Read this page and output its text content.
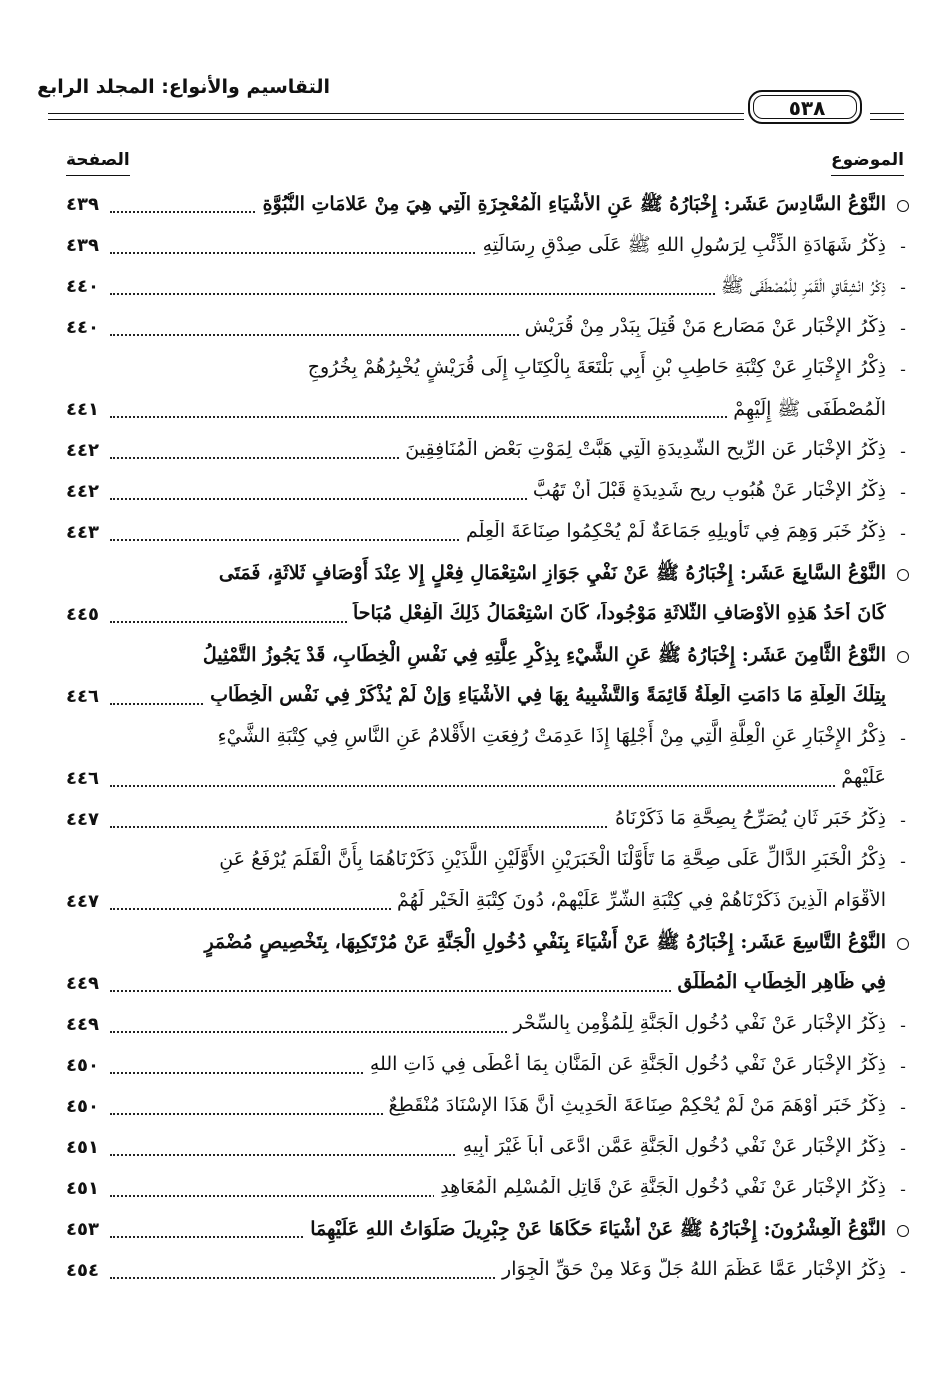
التقاسيم والأنواع: المجلد الرابع
٥٣٨
الموضوع
الصفحة
النَّوْعُ السَّادِسَ عَشَر: إِخْبَارُهُ ﷺ عَنِ الأَشْيَاءِ الْمُعْجِزَةِ الَّتِي هِيَ مِنْ عَلامَاتِ النُّبُوَّةِ
٤٣٩
-
ذِكْرُ شَهَادَةِ الذِّئْبِ لِرَسُولِ اللهِ ﷺ عَلَى صِدْقِ رِسَالَتِهِ
٤٣٩
-
ذِكْرُ انْشِقَاقِ الْقَمَرِ لِلْمُصْطَفَى ﷺ
٤٤٠
-
ذِكْرُ الإِخْبَارِ عَنْ مَصَارِعِ مَنْ قُتِلَ بِبَدْرٍ مِنْ قُرَيْشٍ
٤٤٠
-
ذِكْرُ الإِخْبَارِ عَنْ كِتْبَةِ حَاطِبِ بْنِ أَبِي بَلْتَعَةَ بِالْكِتَابِ إِلَى قُرَيْشٍ يُخْبِرُهُمْ بِخُرُوجِ
الْمُصْطَفَى ﷺ إِلَيْهِمْ
٤٤١
-
ذِكْرُ الإِخْبَارِ عَنِ الرِّيحِ الشَّدِيدَةِ الَّتِي هَبَّتْ لِمَوْتِ بَعْضِ الْمُنَافِقِينَ
٤٤٢
-
ذِكْرُ الإِخْبَارِ عَنْ هُبُوبِ رِيحٍ شَدِيدَةٍ قَبْلَ أَنْ تَهُبَّ
٤٤٢
-
ذِكْرُ خَبَرٍ وَهِمَ فِي تَأْوِيلِهِ جَمَاعَةٌ لَمْ يُحْكِمُوا صِنَاعَةَ الْعِلْمِ
٤٤٣
النَّوْعُ السَّابِعَ عَشَر: إِخْبَارُهُ ﷺ عَنْ نَفْيِ جَوَازِ اسْتِعْمَالِ فِعْلٍ إِلا عِنْدَ أَوْصَافٍ ثَلاثَةٍ، فَمَتَى
كَانَ أَحَدُ هَذِهِ الأَوْصَافِ الثَّلاثَةِ مَوْجُوداً، كَانَ اسْتِعْمَالُ ذَلِكَ الْفِعْلِ مُبَاحاً
٤٤٥
النَّوْعُ الثَّامِنَ عَشَر: إِخْبَارُهُ ﷺ عَنِ الشَّيْءِ بِذِكْرِ عِلَّتِهِ فِي نَفْسِ الْخِطَابِ، قَدْ يَجُوزُ التَّمْثِيلُ
بِتِلْكَ الْعِلَّةِ مَا دَامَتِ الْعِلَّةُ قَائِمَةً وَالتَّشْبِيهُ بِهَا فِي الأَشْيَاءِ وَإِنْ لَمْ يُذْكَرْ فِي نَفْسِ الْخِطَابِ
٤٤٦
-
ذِكْرُ الإِخْبَارِ عَنِ الْعِلَّةِ الَّتِي مِنْ أَجْلِهَا إِذَا عَدِمَتْ رُفِعَتِ الأَقْلامُ عَنِ النَّاسِ فِي كِتْبَةِ الشَّيْءِ
عَلَيْهِمْ
٤٤٦
-
ذِكْرُ خَبَرٍ ثَانٍ يُصَرِّحُ بِصِحَّةِ مَا ذَكَرْنَاهُ
٤٤٧
-
ذِكْرُ الْخَبَرِ الدَّالِّ عَلَى صِحَّةِ مَا تَأَوَّلْنَا الْخَبَرَيْنِ الأَوَّلَيْنِ اللَّذَيْنِ ذَكَرْنَاهُمَا بِأَنَّ الْقَلَمَ يُرْفَعُ عَنِ
الأَقْوَامِ الَّذِينَ ذَكَرْنَاهُمْ فِي كِتْبَةِ الشَّرِّ عَلَيْهِمْ، دُونَ كِتْبَةِ الْخَيْرِ لَهُمْ
٤٤٧
النَّوْعُ التَّاسِعَ عَشَر: إِخْبَارُهُ ﷺ عَنْ أَشْيَاءَ بِنَفْيِ دُخُولِ الْجَنَّةِ عَنْ مُرْتَكِبِهَا، بِتَخْصِيصٍ مُضْمَرٍ
فِي ظَاهِرِ الْخِطَابِ الْمُطْلَقِ
٤٤٩
-
ذِكْرُ الإِخْبَارِ عَنْ نَفْيِ دُخُولِ الْجَنَّةِ لِلْمُؤْمِنِ بِالسِّحْرِ
٤٤٩
-
ذِكْرُ الإِخْبَارِ عَنْ نَفْيِ دُخُولِ الْجَنَّةِ عَنِ الْمَنَّانِ بِمَا أَعْطَى فِي ذَاتِ اللهِ
٤٥٠
-
ذِكْرُ خَبَرٍ أَوْهَمَ مَنْ لَمْ يُحْكِمْ صِنَاعَةَ الْحَدِيثِ أَنَّ هَذَا الإِسْنَادَ مُنْقَطِعٌ
٤٥٠
-
ذِكْرُ الإِخْبَارِ عَنْ نَفْيِ دُخُولِ الْجَنَّةِ عَمَّنِ ادَّعَى أَباً غَيْرَ أَبِيهِ
٤٥١
-
ذِكْرُ الإِخْبَارِ عَنْ نَفْيِ دُخُولِ الْجَنَّةِ عَنْ قَاتِلِ الْمُسْلِمِ الْمُعَاهِدِ
٤٥١
النَّوْعُ الْعِشْرُونَ: إِخْبَارُهُ ﷺ عَنْ أَشْيَاءَ حَكَاهَا عَنْ جِبْرِيلَ صَلَوَاتُ اللهِ عَلَيْهِمَا
٤٥٣
-
ذِكْرُ الإِخْبَارِ عَمَّا عَظَّمَ اللهُ جَلَّ وَعَلا مِنْ حَقِّ الْجِوَارِ
٤٥٤
